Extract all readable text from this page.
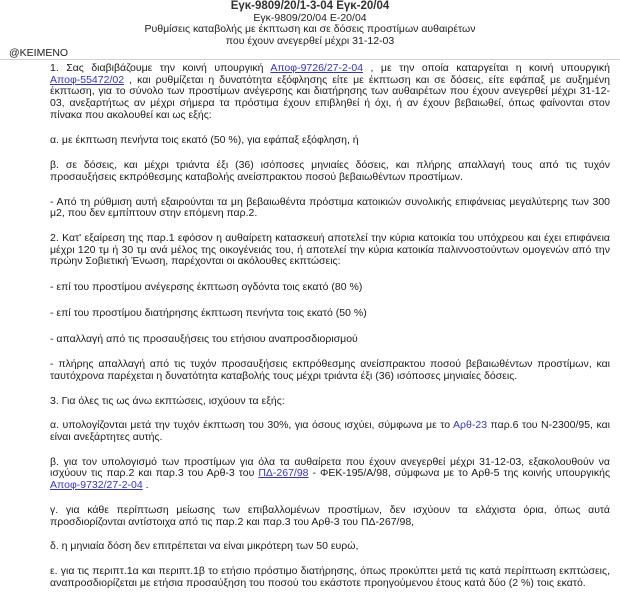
Εγκ-9809/20/1-3-04 Εγκ-20/04
Εγκ-9809/20/04 Ε-20/04
Ρυθμίσεις καταβολής με έκπτωση και σε δόσεις προστίμων αυθαιρέτων
που έχουν ανεγερθεί μέχρι 31-12-03
@ΚΕΙΜΕΝΟ

1. Σας διαβιβάζουμε την κοινή υπουργική Αποφ-9726/27-2-04 , με την οποία καταργείται η κοινή υπουργική Αποφ-55472/02 , και ρυθμίζεται η δυνατότητα εξόφλησης είτε με έκπτωση και σε δόσεις, είτε εφάπαξ με αυξημένη έκπτωση, για το σύνολο των προστίμων ανέγερσης και διατήρησης των αυθαιρέτων που έχουν ανεγερθεί μέχρι 31-12-03, ανεξαρτήτως αν μέχρι σήμερα τα πρόστιμα έχουν επιβληθεί ή όχι, ή αν έχουν βεβαιωθεί, όπως φαίνονται στον πίνακα που ακολουθεί και ως εξής:

α. με έκπτωση πενήντα τοις εκατό (50 %), για εφάπαξ εξόφληση, ή

β. σε δόσεις, και μέχρι τριάντα έξι (36) ισόποσες μηνιαίες δόσεις, και πλήρης απαλλαγή τους από τις τυχόν προσαυξήσεις εκπρόθεσμης καταβολής ανείσπρακτου ποσού βεβαιωθέντων προστίμων.

- Από τη ρύθμιση αυτή εξαιρούνται τα μη βεβαιωθέντα πρόστιμα κατοικιών συνολικής επιφάνειας μεγαλύτερης των 300 μ2, που δεν εμπίπτουν στην επόμενη παρ.2.

2. Κατ' εξαίρεση της παρ.1 εφόσον η αυθαίρετη κατασκευή αποτελεί την κύρια κατοικία του υπόχρεου και έχει επιφάνεια μέχρι 120 τμ ή 30 τμ ανά μέλος της οικογένειάς του, ή αποτελεί την κύρια κατοικία παλιννοστούντων ομογενών από την πρώην Σοβιετική Ένωση, παρέχονται οι ακόλουθες εκπτώσεις:

- επί του προστίμου ανέγερσης έκπτωση ογδόντα τοις εκατό (80 %)

- επί του προστίμου διατήρησης έκπτωση πενήντα τοις εκατό (50 %)

- απαλλαγή από τις προσαυξήσεις του ετήσιου αναπροσδιορισμού

- πλήρης απαλλαγή από τις τυχόν προσαυξήσεις εκπρόθεσμης ανείσπρακτου ποσού βεβαιωθέντων προστίμων, και ταυτόχρονα παρέχεται η δυνατότητα καταβολής τους μέχρι τριάντα έξι (36) ισόποσες μηνιαίες δόσεις.

3. Για όλες τις ως άνω εκπτώσεις, ισχύουν τα εξής:

α. υπολογίζονται μετά την τυχόν έκπτωση του 30%, για όσους ισχύει, σύμφωνα με το Αρθ-23 παρ.6 του Ν-2300/95, και είναι ανεξάρτητες αυτής.

β. για τον υπολογισμό των προστίμων για όλα τα αυθαίρετα που έχουν ανεγερθεί μέχρι 31-12-03, εξακολουθούν να ισχύουν τις παρ.2 και παρ.3 του Αρθ-3 του ΠΔ-267/98 - ΦΕΚ-195/Α/98, σύμφωνα με το Αρθ-5 της κοινής υπουργικής Αποφ-9732/27-2-04 .

γ. για κάθε περίπτωση μείωσης των επιβαλλομένων προστίμων, δεν ισχύουν τα ελάχιστα όρια, όπως αυτά προσδιορίζονται αντίστοιχα από τις παρ.2 και παρ.3 του Αρθ-3 του ΠΔ-267/98,

δ. η μηνιαία δόση δεν επιτρέπεται να είναι μικρότερη των 50 ευρώ,

ε. για τις περιπτ.1α και περιπτ.1β το ετήσιο πρόστιμο διατήρησης, όπως προκύπτει μετά τις κατά περίπτωση εκπτώσεις, αναπροσδιορίζεται με ετήσια προσαύξηση του ποσού του εκάστοτε προηγούμενου έτους κατά δύο (2 %) τοις εκατό.
